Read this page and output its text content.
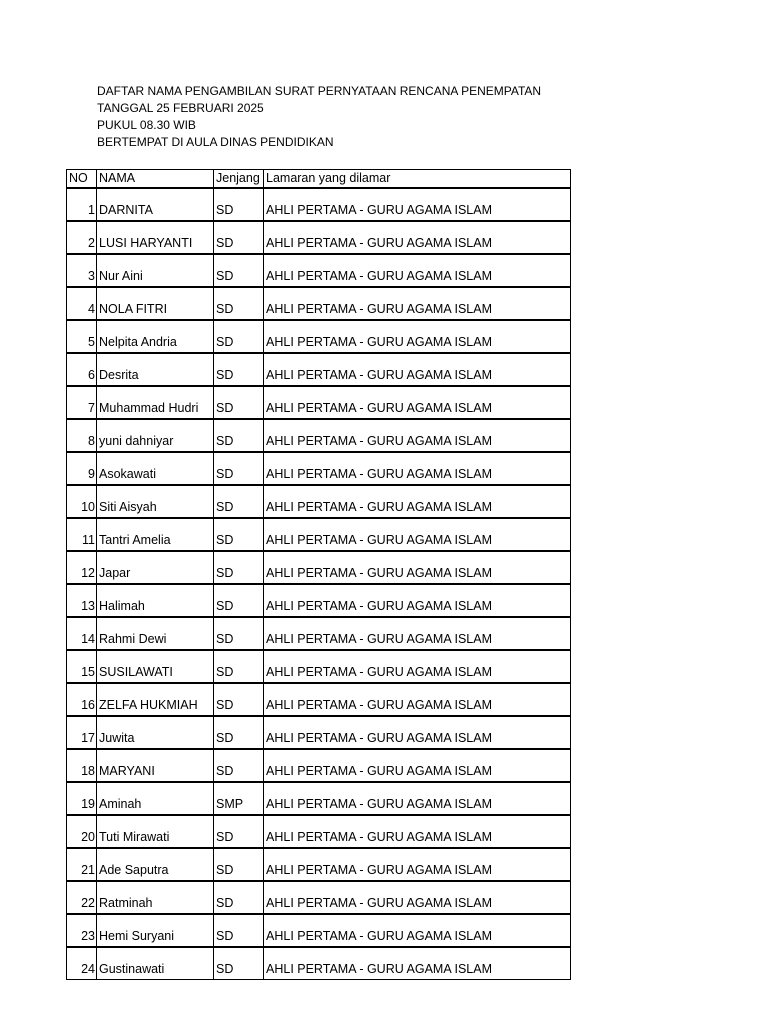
DAFTAR NAMA PENGAMBILAN SURAT PERNYATAAN RENCANA PENEMPATAN
TANGGAL 25 FEBRUARI 2025
PUKUL 08.30 WIB
BERTEMPAT DI AULA DINAS PENDIDIKAN
NO	NAMA	Jenjang	Lamaran yang dilamar
1	DARNITA	SD	AHLI PERTAMA - GURU AGAMA ISLAM
2	LUSI HARYANTI	SD	AHLI PERTAMA - GURU AGAMA ISLAM
3	Nur Aini	SD	AHLI PERTAMA - GURU AGAMA ISLAM
4	NOLA FITRI	SD	AHLI PERTAMA - GURU AGAMA ISLAM
5	Nelpita Andria	SD	AHLI PERTAMA - GURU AGAMA ISLAM
6	Desrita	SD	AHLI PERTAMA - GURU AGAMA ISLAM
7	Muhammad Hudri	SD	AHLI PERTAMA - GURU AGAMA ISLAM
8	yuni dahniyar	SD	AHLI PERTAMA - GURU AGAMA ISLAM
9	Asokawati	SD	AHLI PERTAMA - GURU AGAMA ISLAM
10	Siti Aisyah	SD	AHLI PERTAMA - GURU AGAMA ISLAM
11	Tantri Amelia	SD	AHLI PERTAMA - GURU AGAMA ISLAM
12	Japar	SD	AHLI PERTAMA - GURU AGAMA ISLAM
13	Halimah	SD	AHLI PERTAMA - GURU AGAMA ISLAM
14	Rahmi Dewi	SD	AHLI PERTAMA - GURU AGAMA ISLAM
15	SUSILAWATI	SD	AHLI PERTAMA - GURU AGAMA ISLAM
16	ZELFA HUKMIAH	SD	AHLI PERTAMA - GURU AGAMA ISLAM
17	Juwita	SD	AHLI PERTAMA - GURU AGAMA ISLAM
18	MARYANI	SD	AHLI PERTAMA - GURU AGAMA ISLAM
19	Aminah	SMP	AHLI PERTAMA - GURU AGAMA ISLAM
20	Tuti Mirawati	SD	AHLI PERTAMA - GURU AGAMA ISLAM
21	Ade Saputra	SD	AHLI PERTAMA - GURU AGAMA ISLAM
22	Ratminah	SD	AHLI PERTAMA - GURU AGAMA ISLAM
23	Hemi Suryani	SD	AHLI PERTAMA - GURU AGAMA ISLAM
24	Gustinawati	SD	AHLI PERTAMA - GURU AGAMA ISLAM
